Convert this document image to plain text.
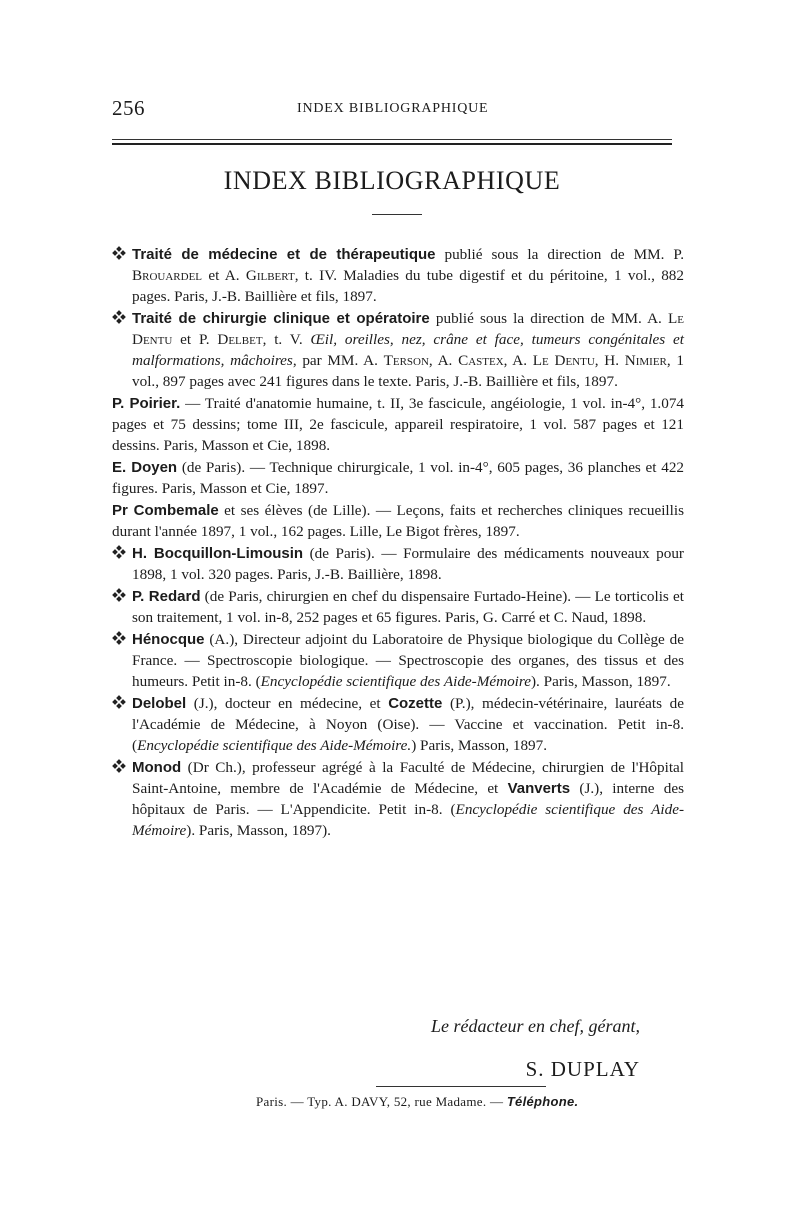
256	INDEX BIBLIOGRAPHIQUE
INDEX BIBLIOGRAPHIQUE
Traité de médecine et de thérapeutique publié sous la direction de MM. P. Brouardel et A. Gilbert, t. IV. Maladies du tube digestif et du péritoine, 1 vol., 882 pages. Paris, J.-B. Baillière et fils, 1897.
Traité de chirurgie clinique et opératoire publié sous la direction de MM. A. Le Dentu et P. Delbet, t. V. Œil, oreilles, nez, crâne et face, tumeurs congénitales et malformations, mâchoires, par MM. A. Terson, A. Castex, A. Le Dentu, H. Nimier, 1 vol., 897 pages avec 241 figures dans le texte. Paris, J.-B. Baillière et fils, 1897.
P. Poirier. — Traité d'anatomie humaine, t. II, 3e fascicule, angéiologie, 1 vol. in-4°, 1.074 pages et 75 dessins; tome III, 2e fascicule, appareil respiratoire, 1 vol. 587 pages et 121 dessins. Paris, Masson et Cie, 1898.
E. Doyen (de Paris). — Technique chirurgicale, 1 vol. in-4°, 605 pages, 36 planches et 422 figures. Paris, Masson et Cie, 1897.
Pr Combemale et ses élèves (de Lille). — Leçons, faits et recherches cliniques recueillis durant l'année 1897, 1 vol., 162 pages. Lille, Le Bigot frères, 1897.
H. Bocquillon-Limousin (de Paris). — Formulaire des médicaments nouveaux pour 1898, 1 vol. 320 pages. Paris, J.-B. Baillière, 1898.
P. Redard (de Paris, chirurgien en chef du dispensaire Furtado-Heine). — Le torticolis et son traitement, 1 vol. in-8, 252 pages et 65 figures. Paris, G. Carré et C. Naud, 1898.
Hénocque (A.), Directeur adjoint du Laboratoire de Physique biologique du Collège de France. — Spectroscopie biologique. — Spectroscopie des organes, des tissus et des humeurs. Petit in-8. (Encyclopédie scientifique des Aide-Mémoire). Paris, Masson, 1897.
Delobel (J.), docteur en médecine, et Cozette (P.), médecin-vétérinaire, lauréats de l'Académie de Médecine, à Noyon (Oise). — Vaccine et vaccination. Petit in-8. (Encyclopédie scientifique des Aide-Mémoire.) Paris, Masson, 1897.
Monod (Dr Ch.), professeur agrégé à la Faculté de Médecine, chirurgien de l'Hôpital Saint-Antoine, membre de l'Académie de Médecine, et Vanverts (J.), interne des hôpitaux de Paris. — L'Appendicite. Petit in-8. (Encyclopédie scientifique des Aide-Mémoire). Paris, Masson, 1897).
Le rédacteur en chef, gérant,
S. DUPLAY
Paris. — Typ. A. DAVY, 52, rue Madame. — Téléphone.
